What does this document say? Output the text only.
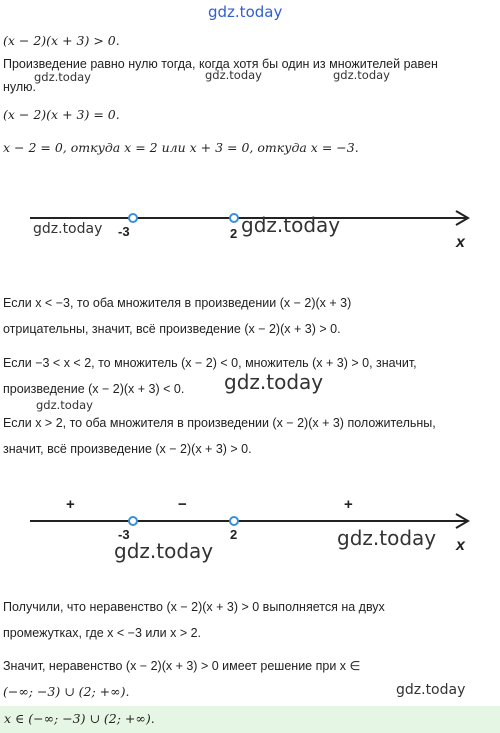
gdz.today
gdz.today	gdz.today	gdz.today
(x − 2)(x + 3) > 0.
Произведение равно нулю тогда, когда хотя бы один из множителей равен
нулю.
(x − 2)(x + 3) = 0.
x − 2 = 0, откуда x = 2 или x + 3 = 0, откуда x = −3.
-3	2
x
gdz.today	gdz.today
Если x < −3, то оба множителя в произведении (x − 2)(x + 3)
отрицательны, значит, всё произведение (x − 2)(x + 3) > 0.
Если −3 < x < 2, то множитель (x − 2) < 0, множитель (x + 3) > 0, значит,
произведение (x − 2)(x + 3) < 0. gdz.today
gdz.today
Если x > 2, то оба множителя в произведении (x − 2)(x + 3) положительны,
значит, всё произведение (x − 2)(x + 3) > 0.
+	−	+
-3	2
x
gdz.today
gdz.today
Получили, что неравенство (x − 2)(x + 3) > 0 выполняется на двух
промежутках, где x < −3 или x > 2.
Значит, неравенство (x − 2)(x + 3) > 0 имеет решение при x ∈
(−∞; −3) ∪ (2; +∞).	gdz.today
x ∈ (−∞; −3) ∪ (2; +∞).
